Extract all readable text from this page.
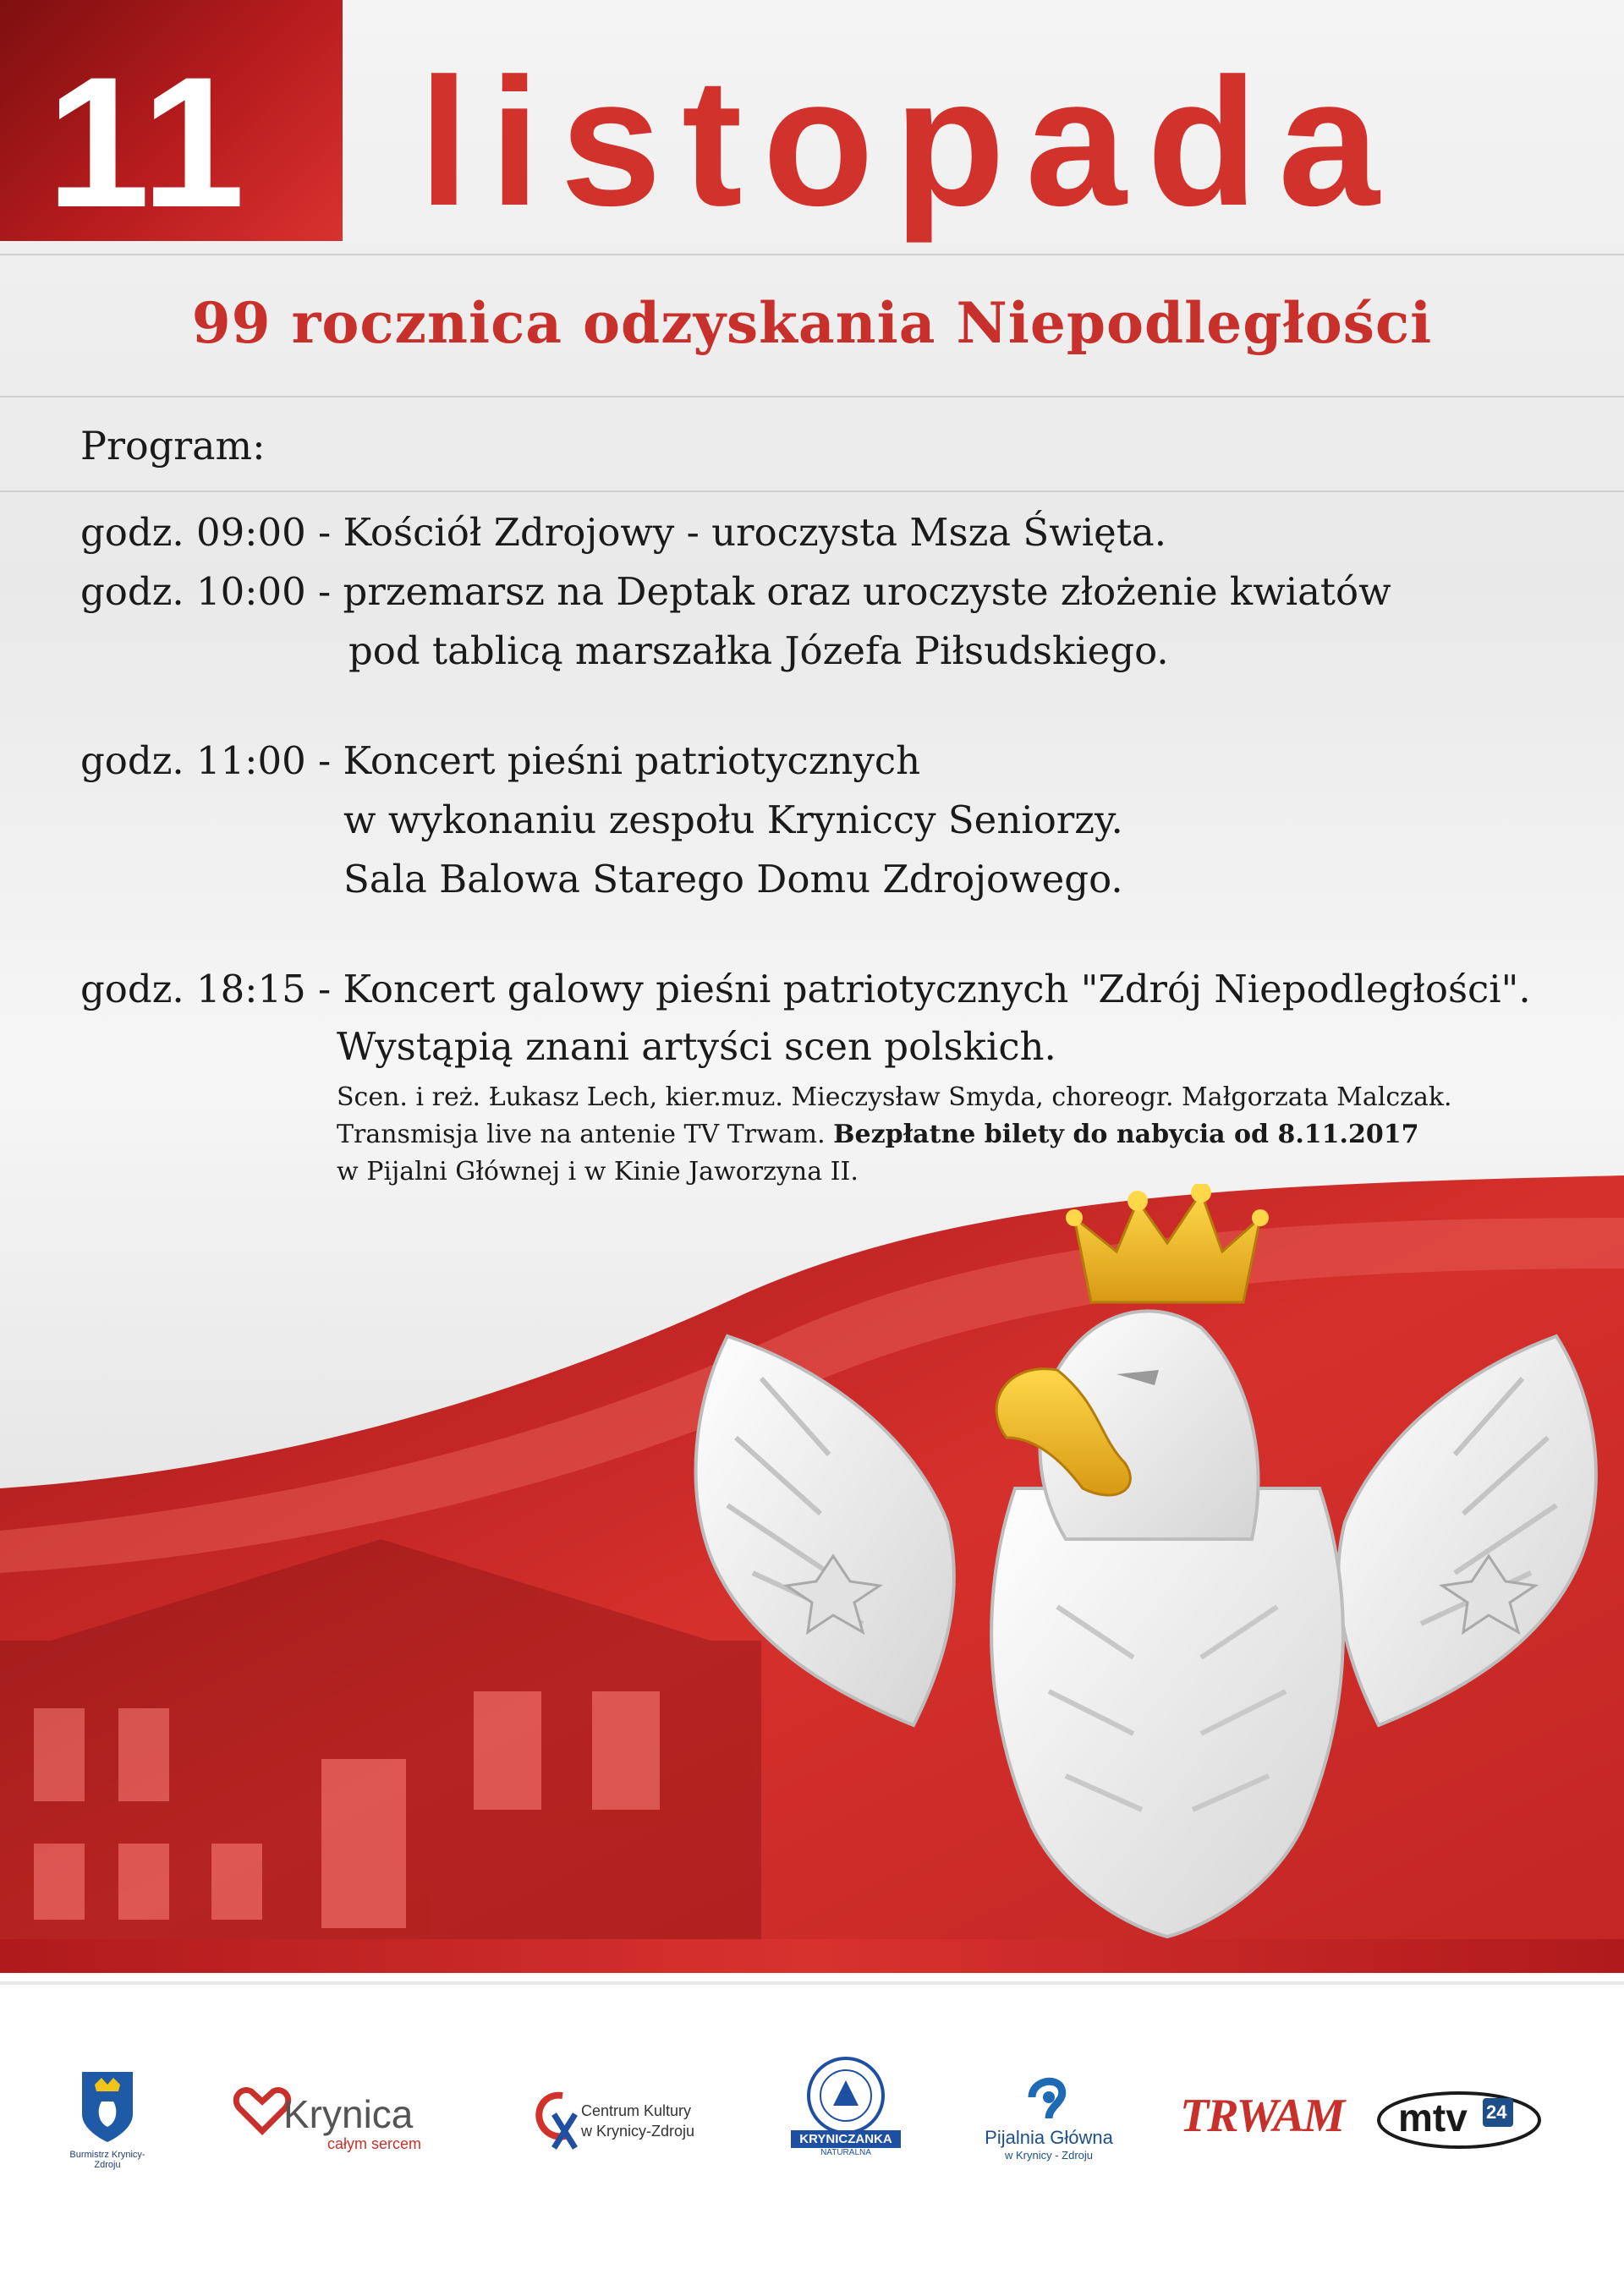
11 listopada
99 rocznica odzyskania Niepodległości
Program:
godz. 09:00 - Kościół Zdrojowy - uroczysta Msza Święta.
godz. 10:00 - przemarsz na Deptak oraz uroczyste złożenie kwiatów
pod tablicą marszałka Józefa Piłsudskiego.
godz. 11:00 - Koncert pieśni patriotycznych
w wykonaniu zespołu Kryniccy Seniorzy.
Sala Balowa Starego Domu Zdrojowego.
godz. 18:15 - Koncert galowy pieśni patriotycznych "Zdrój Niepodległości".
Wystąpią znani artyści scen polskich.
Scen. i reż. Łukasz Lech, kier.muz. Mieczysław Smyda, choreogr. Małgorzata Malczak.
Transmisja live na antenie TV Trwam. Bezpłatne bilety do nabycia od 8.11.2017
w Pijalni Głównej i w Kinie Jaworzyna II.
Burmistrz Krynicy-Zdroju
Krynica
całym sercem
Centrum Kultury
w Krynicy-Zdroju	KRYNICZANKA
NATURALNA
Pijalnia Główna
w Krynicy - Zdroju
TRWAM mtv 24
